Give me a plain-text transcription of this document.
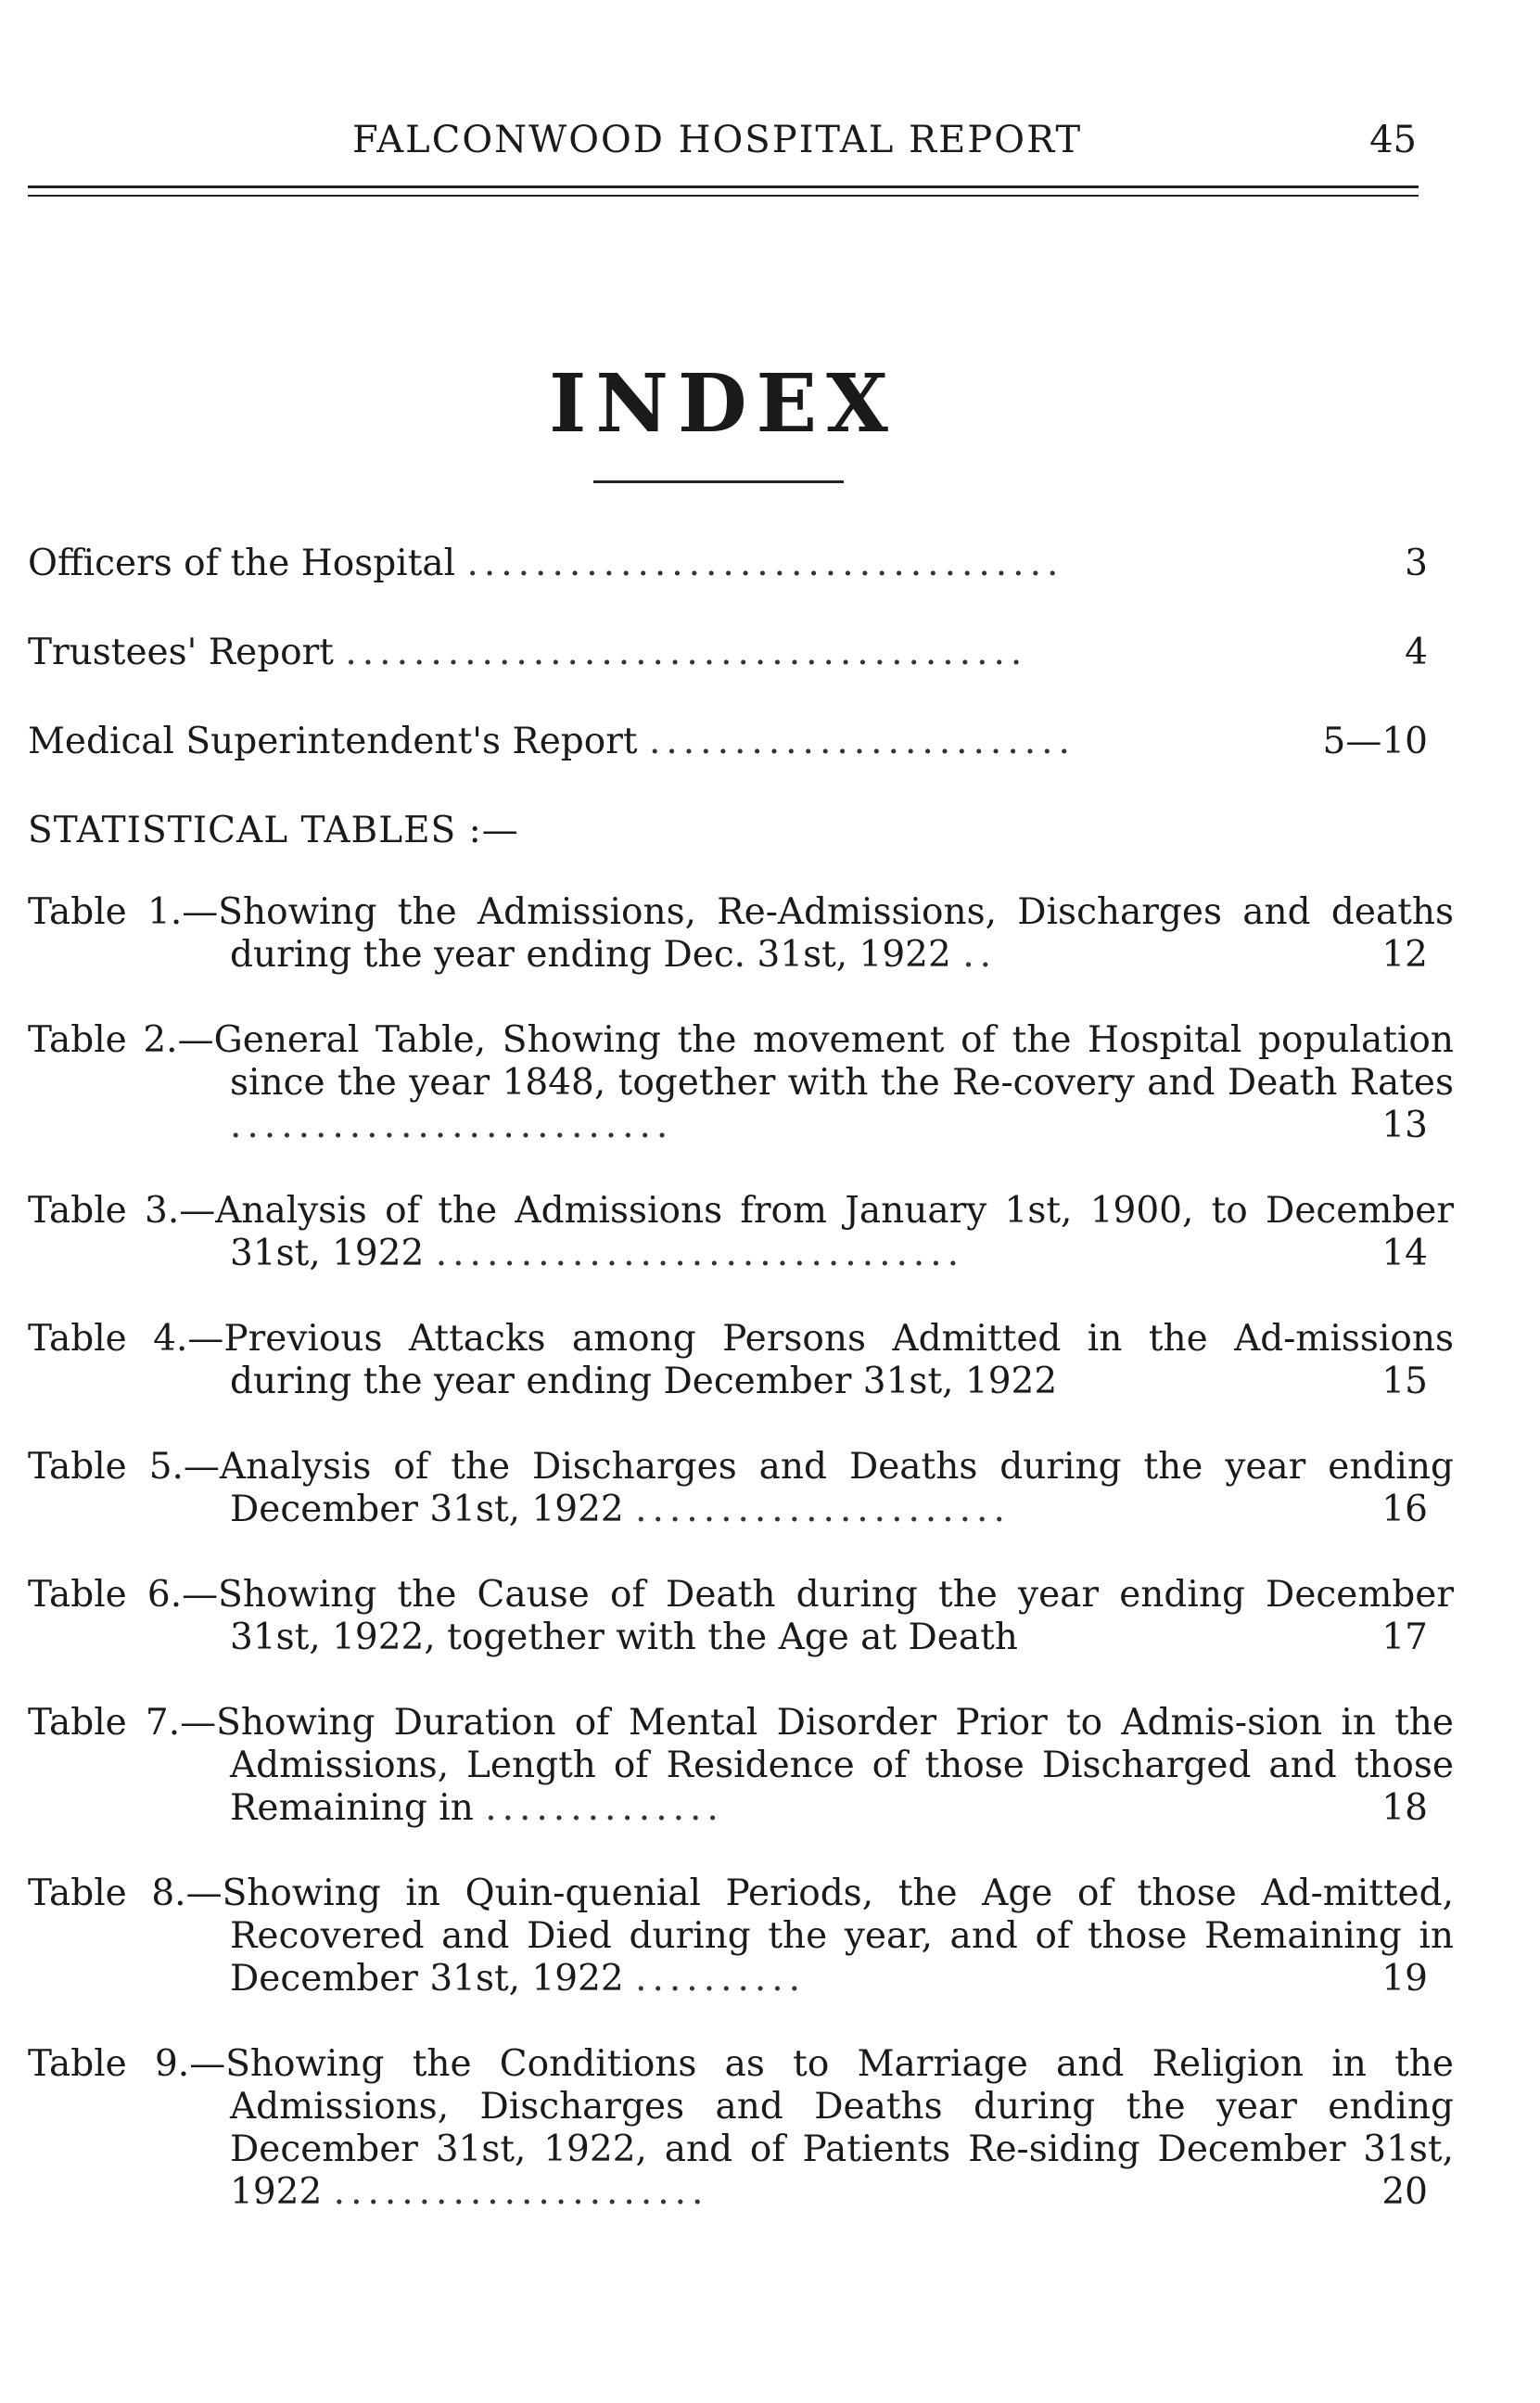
FALCONWOOD HOSPITAL REPORT	45
INDEX
Officers of the Hospital ...................................	3
Trustees' Report ........................................	4
Medical Superintendent's Report .........................	5—10
STATISTICAL TABLES :—
Table 1.—Showing the Admissions, Re-Admissions, Discharges and deaths during the year ending Dec. 31st, 1922 ..	12
Table 2.—General Table, Showing the movement of the Hospital population since the year 1848, together with the Re-covery and Death Rates ..........................	13
Table 3.—Analysis of the Admissions from January 1st, 1900, to December 31st, 1922 ...............................	14
Table 4.—Previous Attacks among Persons Admitted in the Ad-missions during the year ending December 31st, 1922	15
Table 5.—Analysis of the Discharges and Deaths during the year ending December 31st, 1922 ......................	16
Table 6.—Showing the Cause of Death during the year ending December 31st, 1922, together with the Age at Death	17
Table 7.—Showing Duration of Mental Disorder Prior to Admis-sion in the Admissions, Length of Residence of those Discharged and those Remaining in ..............	18
Table 8.—Showing in Quin-quenial Periods, the Age of those Ad-mitted, Recovered and Died during the year, and of those Remaining in December 31st, 1922 ..........	19
Table 9.—Showing the Conditions as to Marriage and Religion in the Admissions, Discharges and Deaths during the year ending December 31st, 1922, and of Patients Re-siding December 31st, 1922 ......................	20
